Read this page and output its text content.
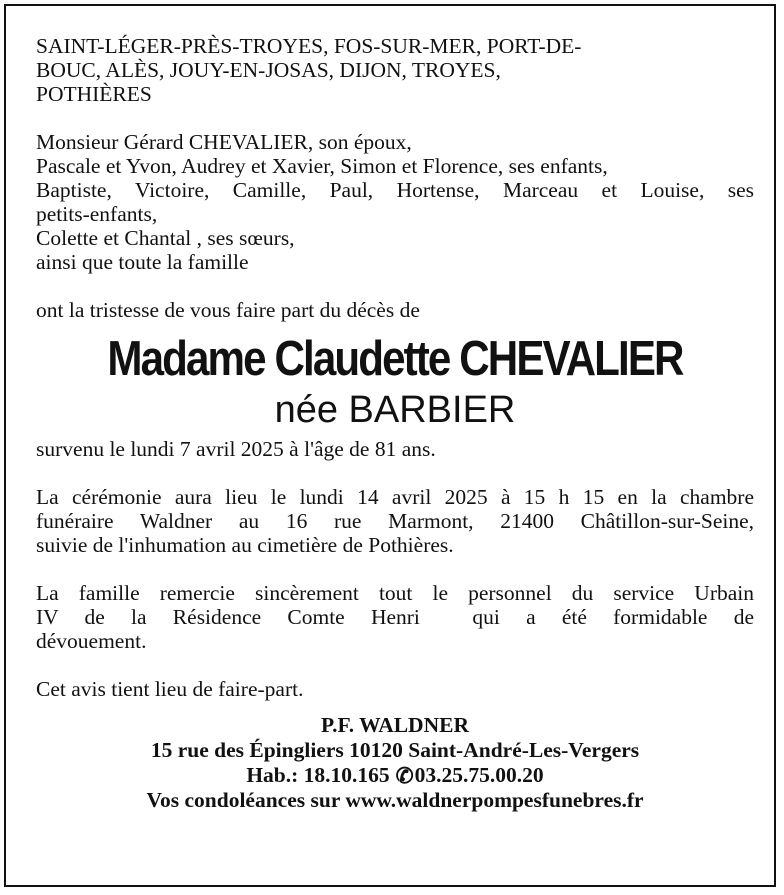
SAINT-LÉGER-PRÈS-TROYES, FOS-SUR-MER, PORT-DE-
BOUC, ALÈS, JOUY-EN-JOSAS, DIJON, TROYES,
POTHIÈRES

Monsieur Gérard CHEVALIER, son époux,
Pascale et Yvon, Audrey et Xavier, Simon et Florence, ses enfants,
Baptiste, Victoire, Camille, Paul, Hortense, Marceau et Louise, ses
petits-enfants,
Colette et Chantal , ses sœurs,
ainsi que toute la famille

ont la tristesse de vous faire part du décès de

Madame Claudette CHEVALIER
née BARBIER

survenu le lundi 7 avril 2025 à l'âge de 81 ans.

La cérémonie aura lieu le lundi 14 avril 2025 à 15 h 15 en la chambre
funéraire Waldner au 16 rue Marmont, 21400 Châtillon-sur-Seine,
suivie de l'inhumation au cimetière de Pothières.

La famille remercie sincèrement tout le personnel du service Urbain
IV de la Résidence Comte Henri  qui a été formidable de
dévouement.

Cet avis tient lieu de faire-part.

P.F. WALDNER
15 rue des Épingliers 10120 Saint-André-Les-Vergers
Hab.: 18.10.165 ✆03.25.75.00.20
Vos condoléances sur www.waldnerpompesfunebres.fr
